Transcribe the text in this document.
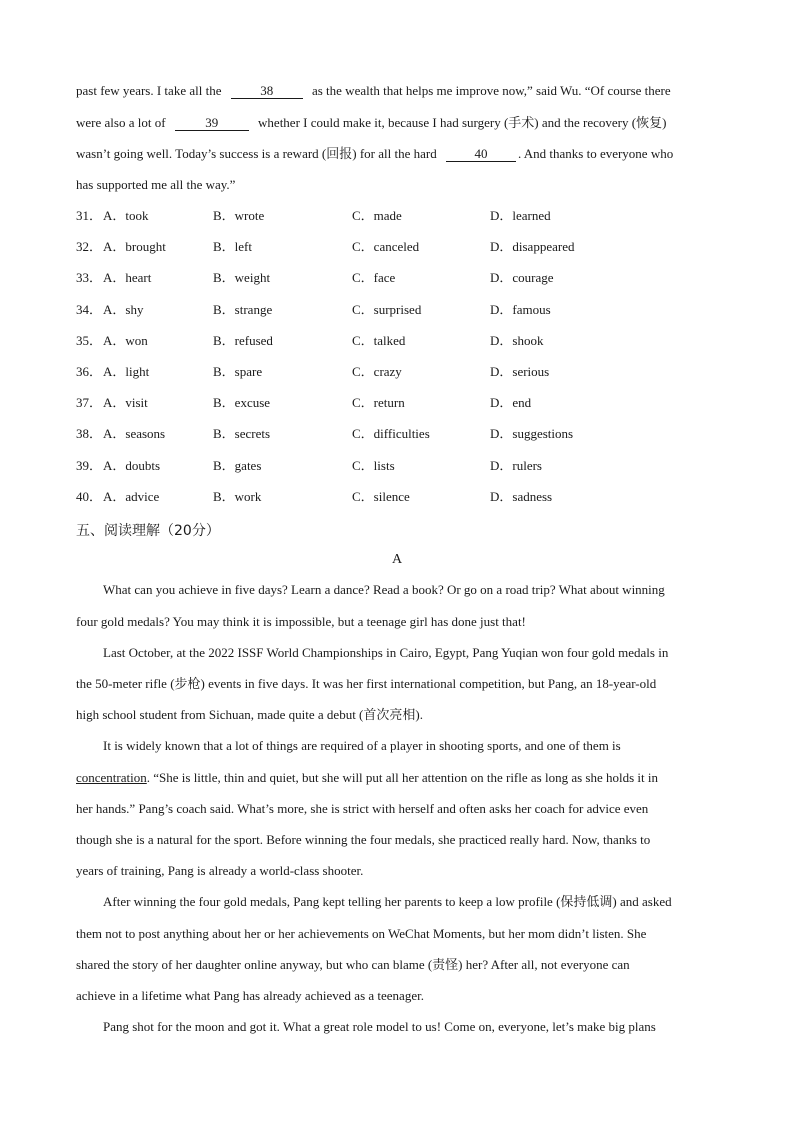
past few years. I take all the	38	as the wealth that helps me improve now,” said Wu. “Of course there
were also a lot of	39	whether I could make it, because I had surgery (手术) and the recovery (恢复)
wasn’t going well. Today’s success is a reward (回报) for all the hard	40 . And thanks to everyone who
has supported me all the way.”
31． A．took	B．wrote	C．made	D．learned
32． A．brought	B．left	C．canceled	D．disappeared
33． A．heart	B．weight	C．face	D．courage
34． A．shy	B．strange	C．surprised	D．famous
35． A．won	B．refused	C．talked	D．shook
36． A．light	B．spare	C．crazy	D．serious
37． A．visit	B．excuse	C．return	D．end
38． A．seasons	B．secrets	C．difficulties	D．suggestions
39． A．doubts	B．gates	C．lists	D．rulers
40． A．advice	B．work	C．silence	D．sadness
五、阅读理解（20分）
A
What can you achieve in five days? Learn a dance? Read a book? Or go on a road trip? What about winning
four gold medals? You may think it is impossible, but a teenage girl has done just that!
Last October, at the 2022 ISSF World Championships in Cairo, Egypt, Pang Yuqian won four gold medals in
the 50-meter rifle (步枪) events in five days. It was her first international competition, but Pang, an 18-year-old
high school student from Sichuan, made quite a debut (首次亮相).
It is widely known that a lot of things are required of a player in shooting sports, and one of them is
concentration. “She is little, thin and quiet, but she will put all her attention on the rifle as long as she holds it in
her hands.” Pang’s coach said. What’s more, she is strict with herself and often asks her coach for advice even
though she is a natural for the sport. Before winning the four medals, she practiced really hard. Now, thanks to
years of training, Pang is already a world-class shooter.
After winning the four gold medals, Pang kept telling her parents to keep a low profile (保持低调) and asked
them not to post anything about her or her achievements on WeChat Moments, but her mom didn’t listen. She
shared the story of her daughter online anyway, but who can blame (责怪) her? After all, not everyone can
achieve in a lifetime what Pang has already achieved as a teenager.
Pang shot for the moon and got it. What a great role model to us! Come on, everyone, let’s make big plans
